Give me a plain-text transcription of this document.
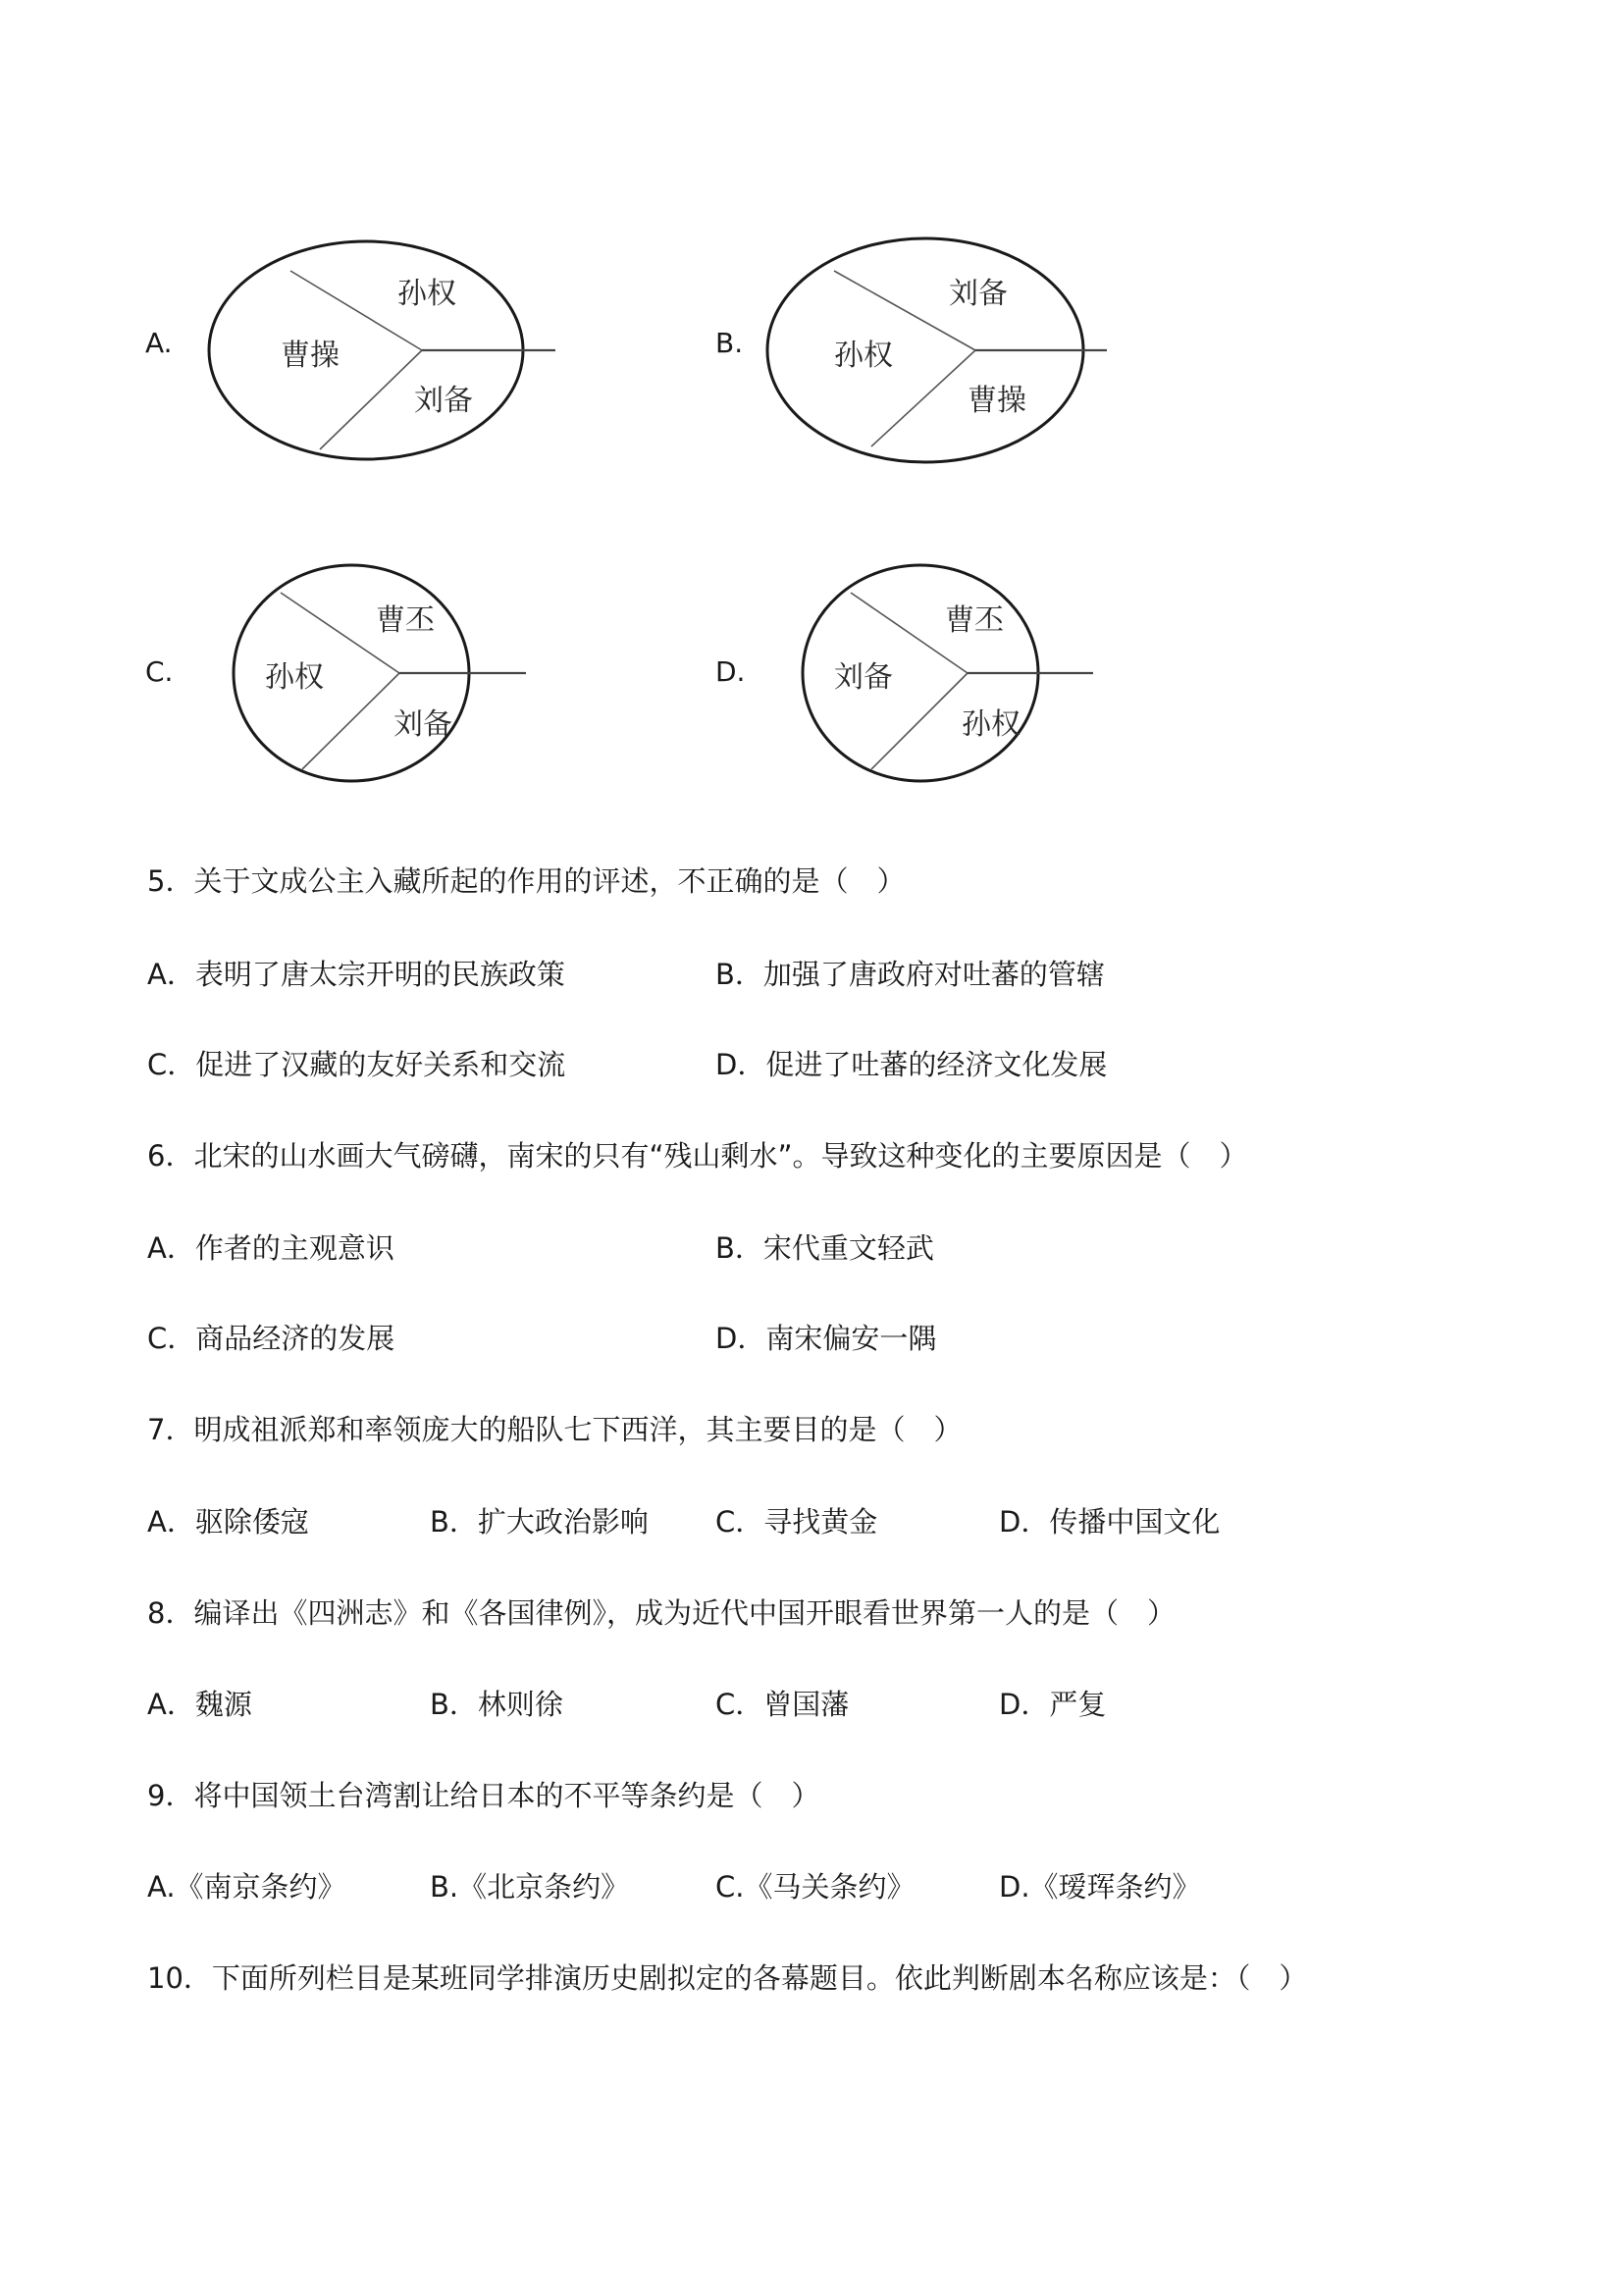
A.
孙权
曹操
刘备
B.
刘备
孙权
曹操
C.
曹丕
孙权
刘备
D.
曹丕
刘备
孙权
5．关于文成公主入藏所起的作用的评述，不正确的是（　）
A．表明了唐太宗开明的民族政策	B．加强了唐政府对吐蕃的管辖
C．促进了汉藏的友好关系和交流	D．促进了吐蕃的经济文化发展
6．北宋的山水画大气磅礴，南宋的只有“残山剩水”。导致这种变化的主要原因是（　）
A．作者的主观意识	B．宋代重文轻武
C．商品经济的发展	D．南宋偏安一隅
7．明成祖派郑和率领庞大的船队七下西洋，其主要目的是（　）
A．驱除倭寇	B．扩大政治影响 C．寻找黄金	D．传播中国文化
8．编译出《四洲志》和《各国律例》，成为近代中国开眼看世界第一人的是（　）
A．魏源	B．林则徐	C．曾国藩	D．严复
9．将中国领土台湾割让给日本的不平等条约是（　）
A.《南京条约》	B.《北京条约》	C.《马关条约》	D.《瑷珲条约》
10．下面所列栏目是某班同学排演历史剧拟定的各幕题目。依此判断剧本名称应该是：（　）
